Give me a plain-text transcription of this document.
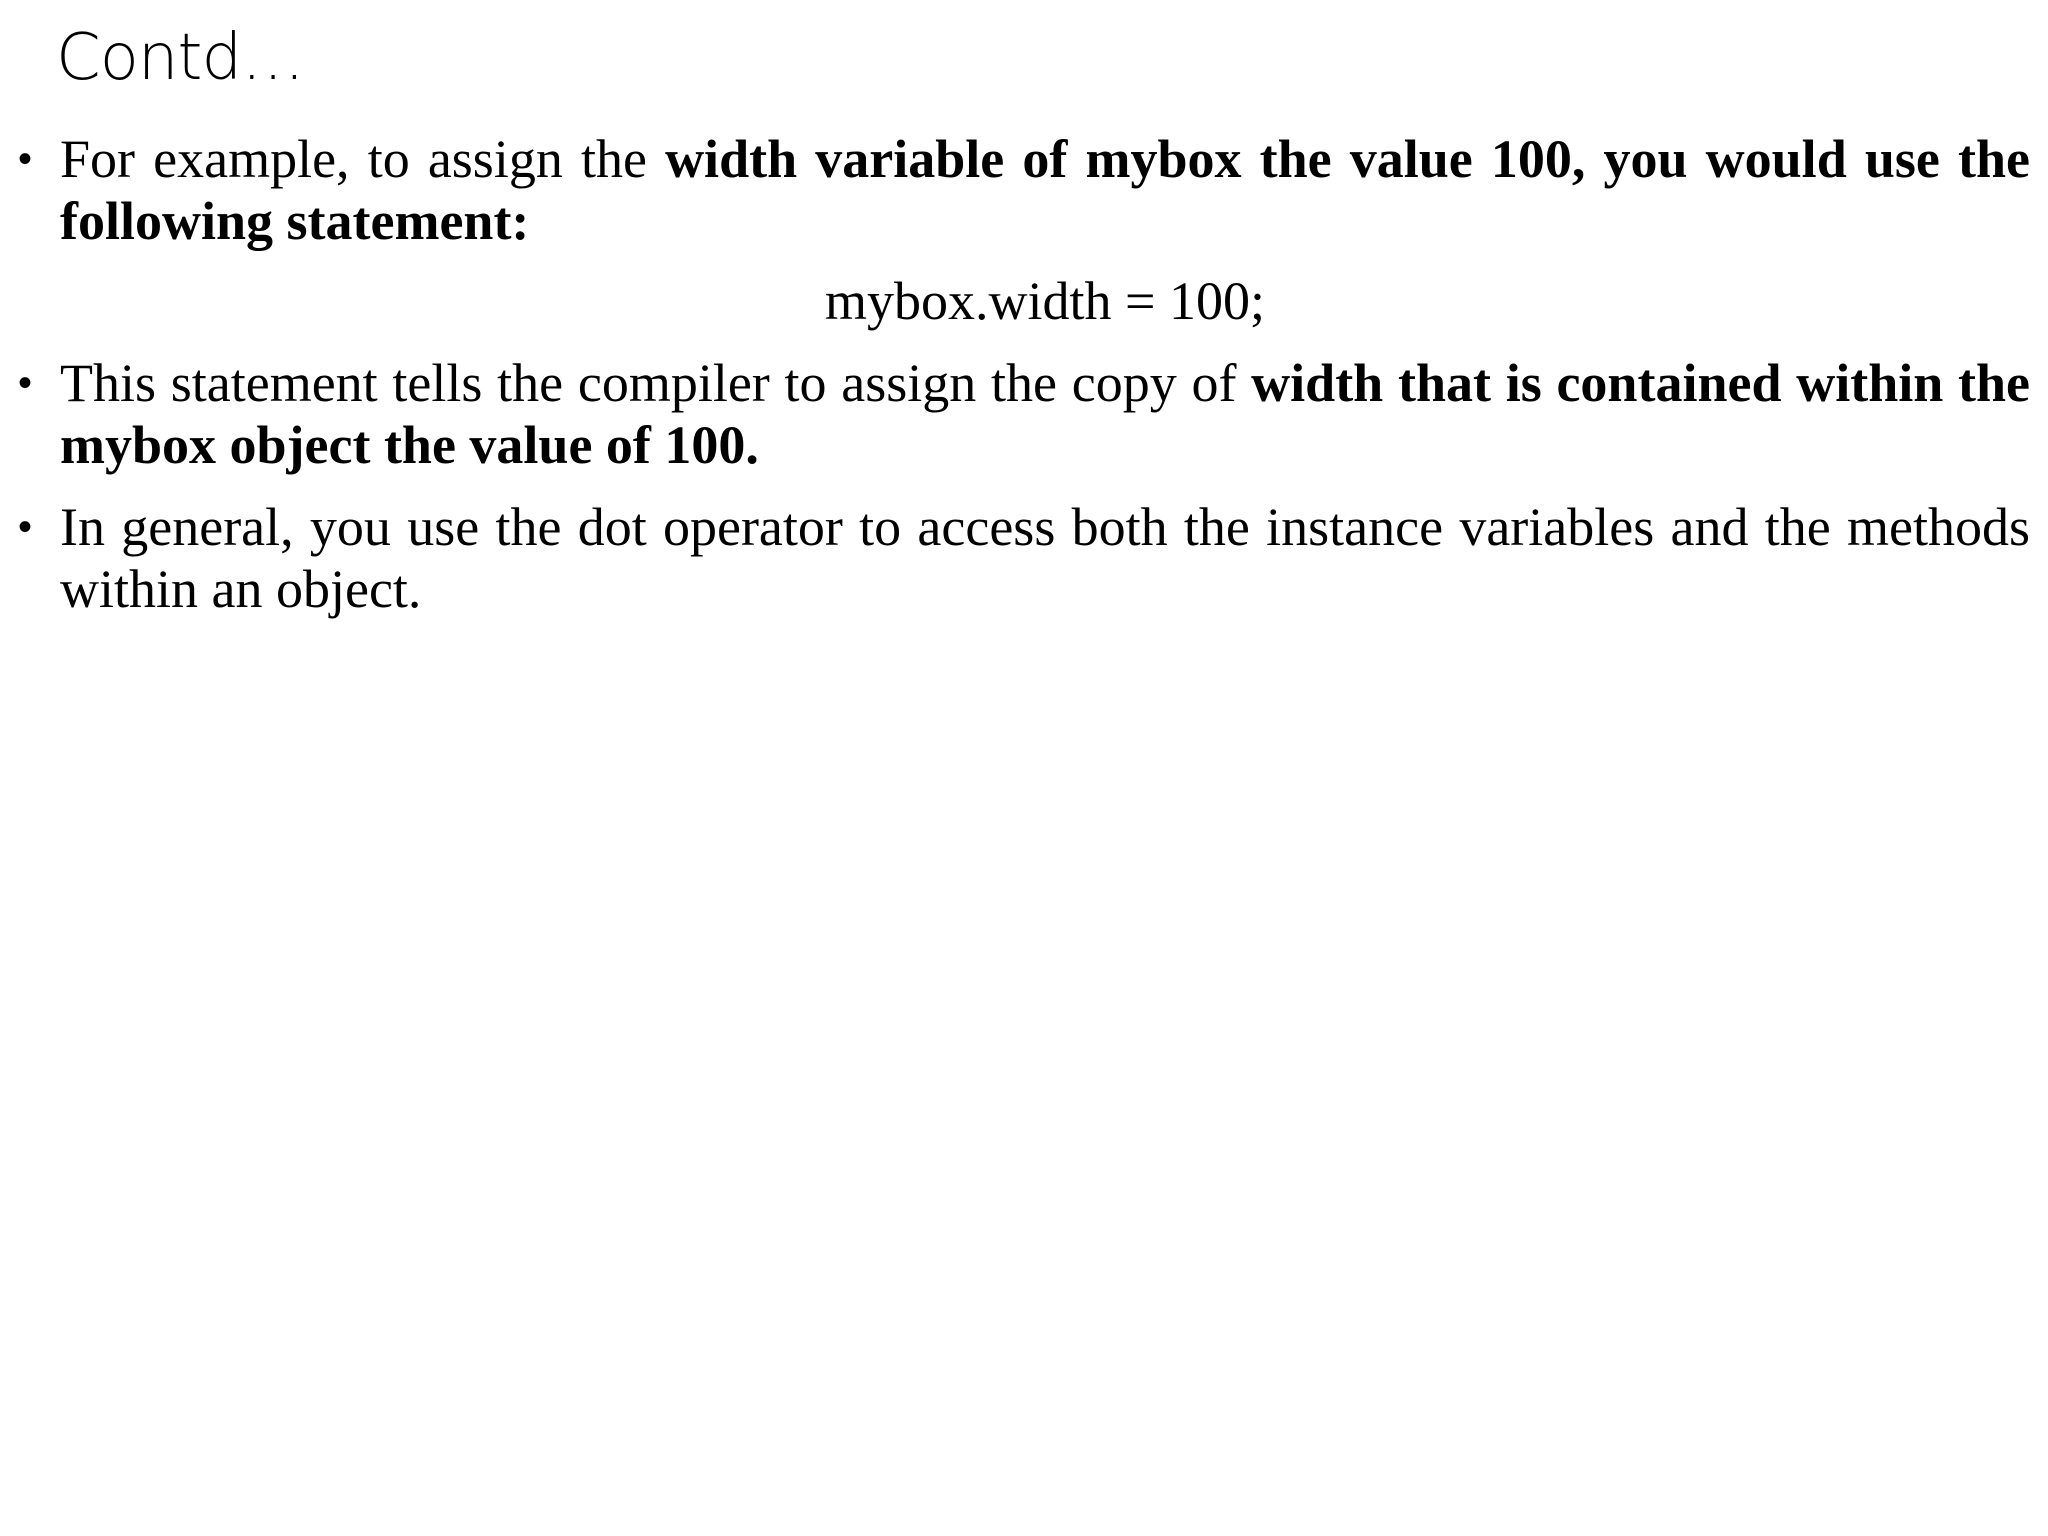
Contd…
• For example, to assign the width variable of mybox the value 100, you would use the following statement:
mybox.width = 100;
• This statement tells the compiler to assign the copy of width that is contained within the mybox object the value of 100.
• In general, you use the dot operator to access both the instance variables and the methods within an object.
